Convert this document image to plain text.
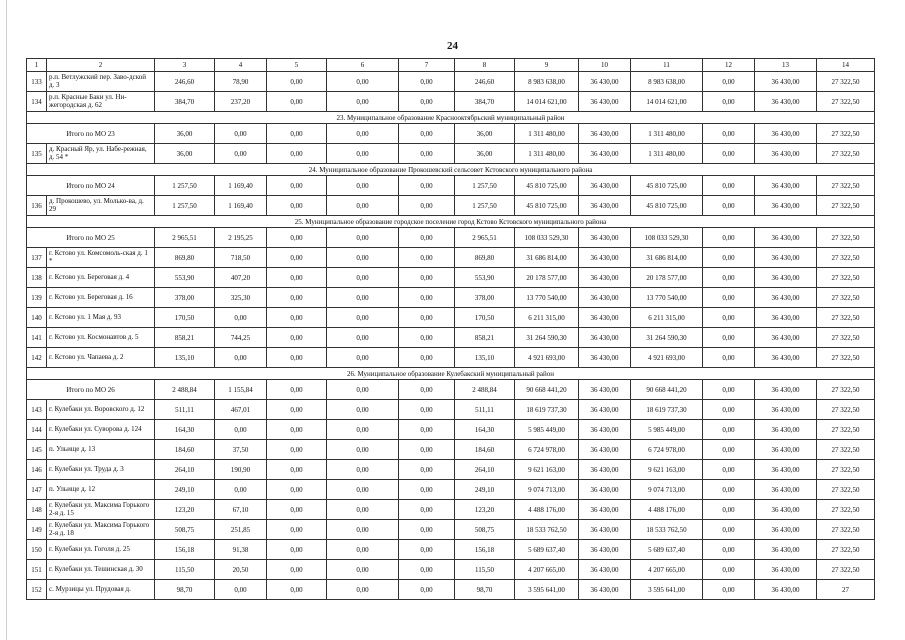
24
1	2	3	4	5	6	7	8	9	10	11	12	13	14
133	р.п. Ветлужский пер. Заво-дской д. 3	246,60	78,90	0,00	0,00	0,00	246,60	8 983 638,00	36 430,00	8 983 638,00	0,00	36 430,00	27 322,50
134	р.п. Красные Баки ул. Ни-жегородская д. 62	384,70	237,20	0,00	0,00	0,00	384,70	14 014 621,00	36 430,00	14 014 621,00	0,00	36 430,00	27 322,50
23. Муниципальное образование Краснооктябрьский муниципальный район													
Итого по МО 23		36,00	0,00	0,00	0,00	0,00	36,00	1 311 480,00	36 430,00	1 311 480,00	0,00	36 430,00	27 322,50
135	д. Красный Яр, ул. Набе-режная, д. 54 *	36,00	0,00	0,00	0,00	0,00	36,00	1 311 480,00	36 430,00	1 311 480,00	0,00	36 430,00	27 322,50
24. Муниципальное образование Прокошевский сельсовет Кстовского муниципального района													
Итого по МО 24		1 257,50	1 169,40	0,00	0,00	0,00	1 257,50	45 810 725,00	36 430,00	45 810 725,00	0,00	36 430,00	27 322,50
136	д. Прокошево, ул. Молько-ва, д. 29	1 257,50	1 169,40	0,00	0,00	0,00	1 257,50	45 810 725,00	36 430,00	45 810 725,00	0,00	36 430,00	27 322,50
25. Муниципальное образование городское поселение город Кстово Кстовского муниципального района													
Итого по МО 25		2 965,51	2 195,25	0,00	0,00	0,00	2 965,51	108 033 529,30	36 430,00	108 033 529,30	0,00	36 430,00	27 322,50
137	г. Кстово ул. Комсомоль-ская д. 1 *	869,80	718,50	0,00	0,00	0,00	869,80	31 686 814,00	36 430,00	31 686 814,00	0,00	36 430,00	27 322,50
138	г. Кстово ул. Береговая д. 4	553,90	407,20	0,00	0,00	0,00	553,90	20 178 577,00	36 430,00	20 178 577,00	0,00	36 430,00	27 322,50
139	г. Кстово ул. Береговая д. 16	378,00	325,30	0,00	0,00	0,00	378,00	13 770 540,00	36 430,00	13 770 540,00	0,00	36 430,00	27 322,50
140	г. Кстово ул. 1 Мая д. 93	170,50	0,00	0,00	0,00	0,00	170,50	6 211 315,00	36 430,00	6 211 315,00	0,00	36 430,00	27 322,50
141	г. Кстово ул. Космонавтов д. 5	858,21	744,25	0,00	0,00	0,00	858,21	31 264 590,30	36 430,00	31 264 590,30	0,00	36 430,00	27 322,50
142	г. Кстово ул. Чапаева д. 2	135,10	0,00	0,00	0,00	0,00	135,10	4 921 693,00	36 430,00	4 921 693,00	0,00	36 430,00	27 322,50
26. Муниципальное образование Кулебакский муниципальный район													
Итого по МО 26		2 488,84	1 155,84	0,00	0,00	0,00	2 488,84	90 668 441,20	36 430,00	90 668 441,20	0,00	36 430,00	27 322,50
143	г. Кулебаки ул. Воровского д. 12	511,11	467,01	0,00	0,00	0,00	511,11	18 619 737,30	36 430,00	18 619 737,30	0,00	36 430,00	27 322,50
144	г. Кулебаки ул. Суворова д. 124	164,30	0,00	0,00	0,00	0,00	164,30	5 985 449,00	36 430,00	5 985 449,00	0,00	36 430,00	27 322,50
145	п. Ульище д. 13	184,60	37,50	0,00	0,00	0,00	184,60	6 724 978,00	36 430,00	6 724 978,00	0,00	36 430,00	27 322,50
146	г. Кулебаки ул. Труда д. 3	264,10	190,90	0,00	0,00	0,00	264,10	9 621 163,00	36 430,00	9 621 163,00	0,00	36 430,00	27 322,50
147	п. Ульище д. 12	249,10	0,00	0,00	0,00	0,00	249,10	9 074 713,00	36 430,00	9 074 713,00	0,00	36 430,00	27 322,50
148	г. Кулебаки ул. Максима Горького 2-я д. 15	123,20	67,10	0,00	0,00	0,00	123,20	4 488 176,00	36 430,00	4 488 176,00	0,00	36 430,00	27 322,50
149	г. Кулебаки ул. Максима Горького 2-я д. 18	508,75	251,85	0,00	0,00	0,00	508,75	18 533 762,50	36 430,00	18 533 762,50	0,00	36 430,00	27 322,50
150	г. Кулебаки ул. Гоголя д. 25	156,18	91,38	0,00	0,00	0,00	156,18	5 689 637,40	36 430,00	5 689 637,40	0,00	36 430,00	27 322,50
151	г. Кулебаки ул. Тешинская д. 30	115,50	20,50	0,00	0,00	0,00	115,50	4 207 665,00	36 430,00	4 207 665,00	0,00	36 430,00	27 322,50
152	с. Мурзицы ул. Прудовая д.	98,70	0,00	0,00	0,00	0,00	98,70	3 595 641,00	36 430,00	3 595 641,00	0,00	36 430,00	27
